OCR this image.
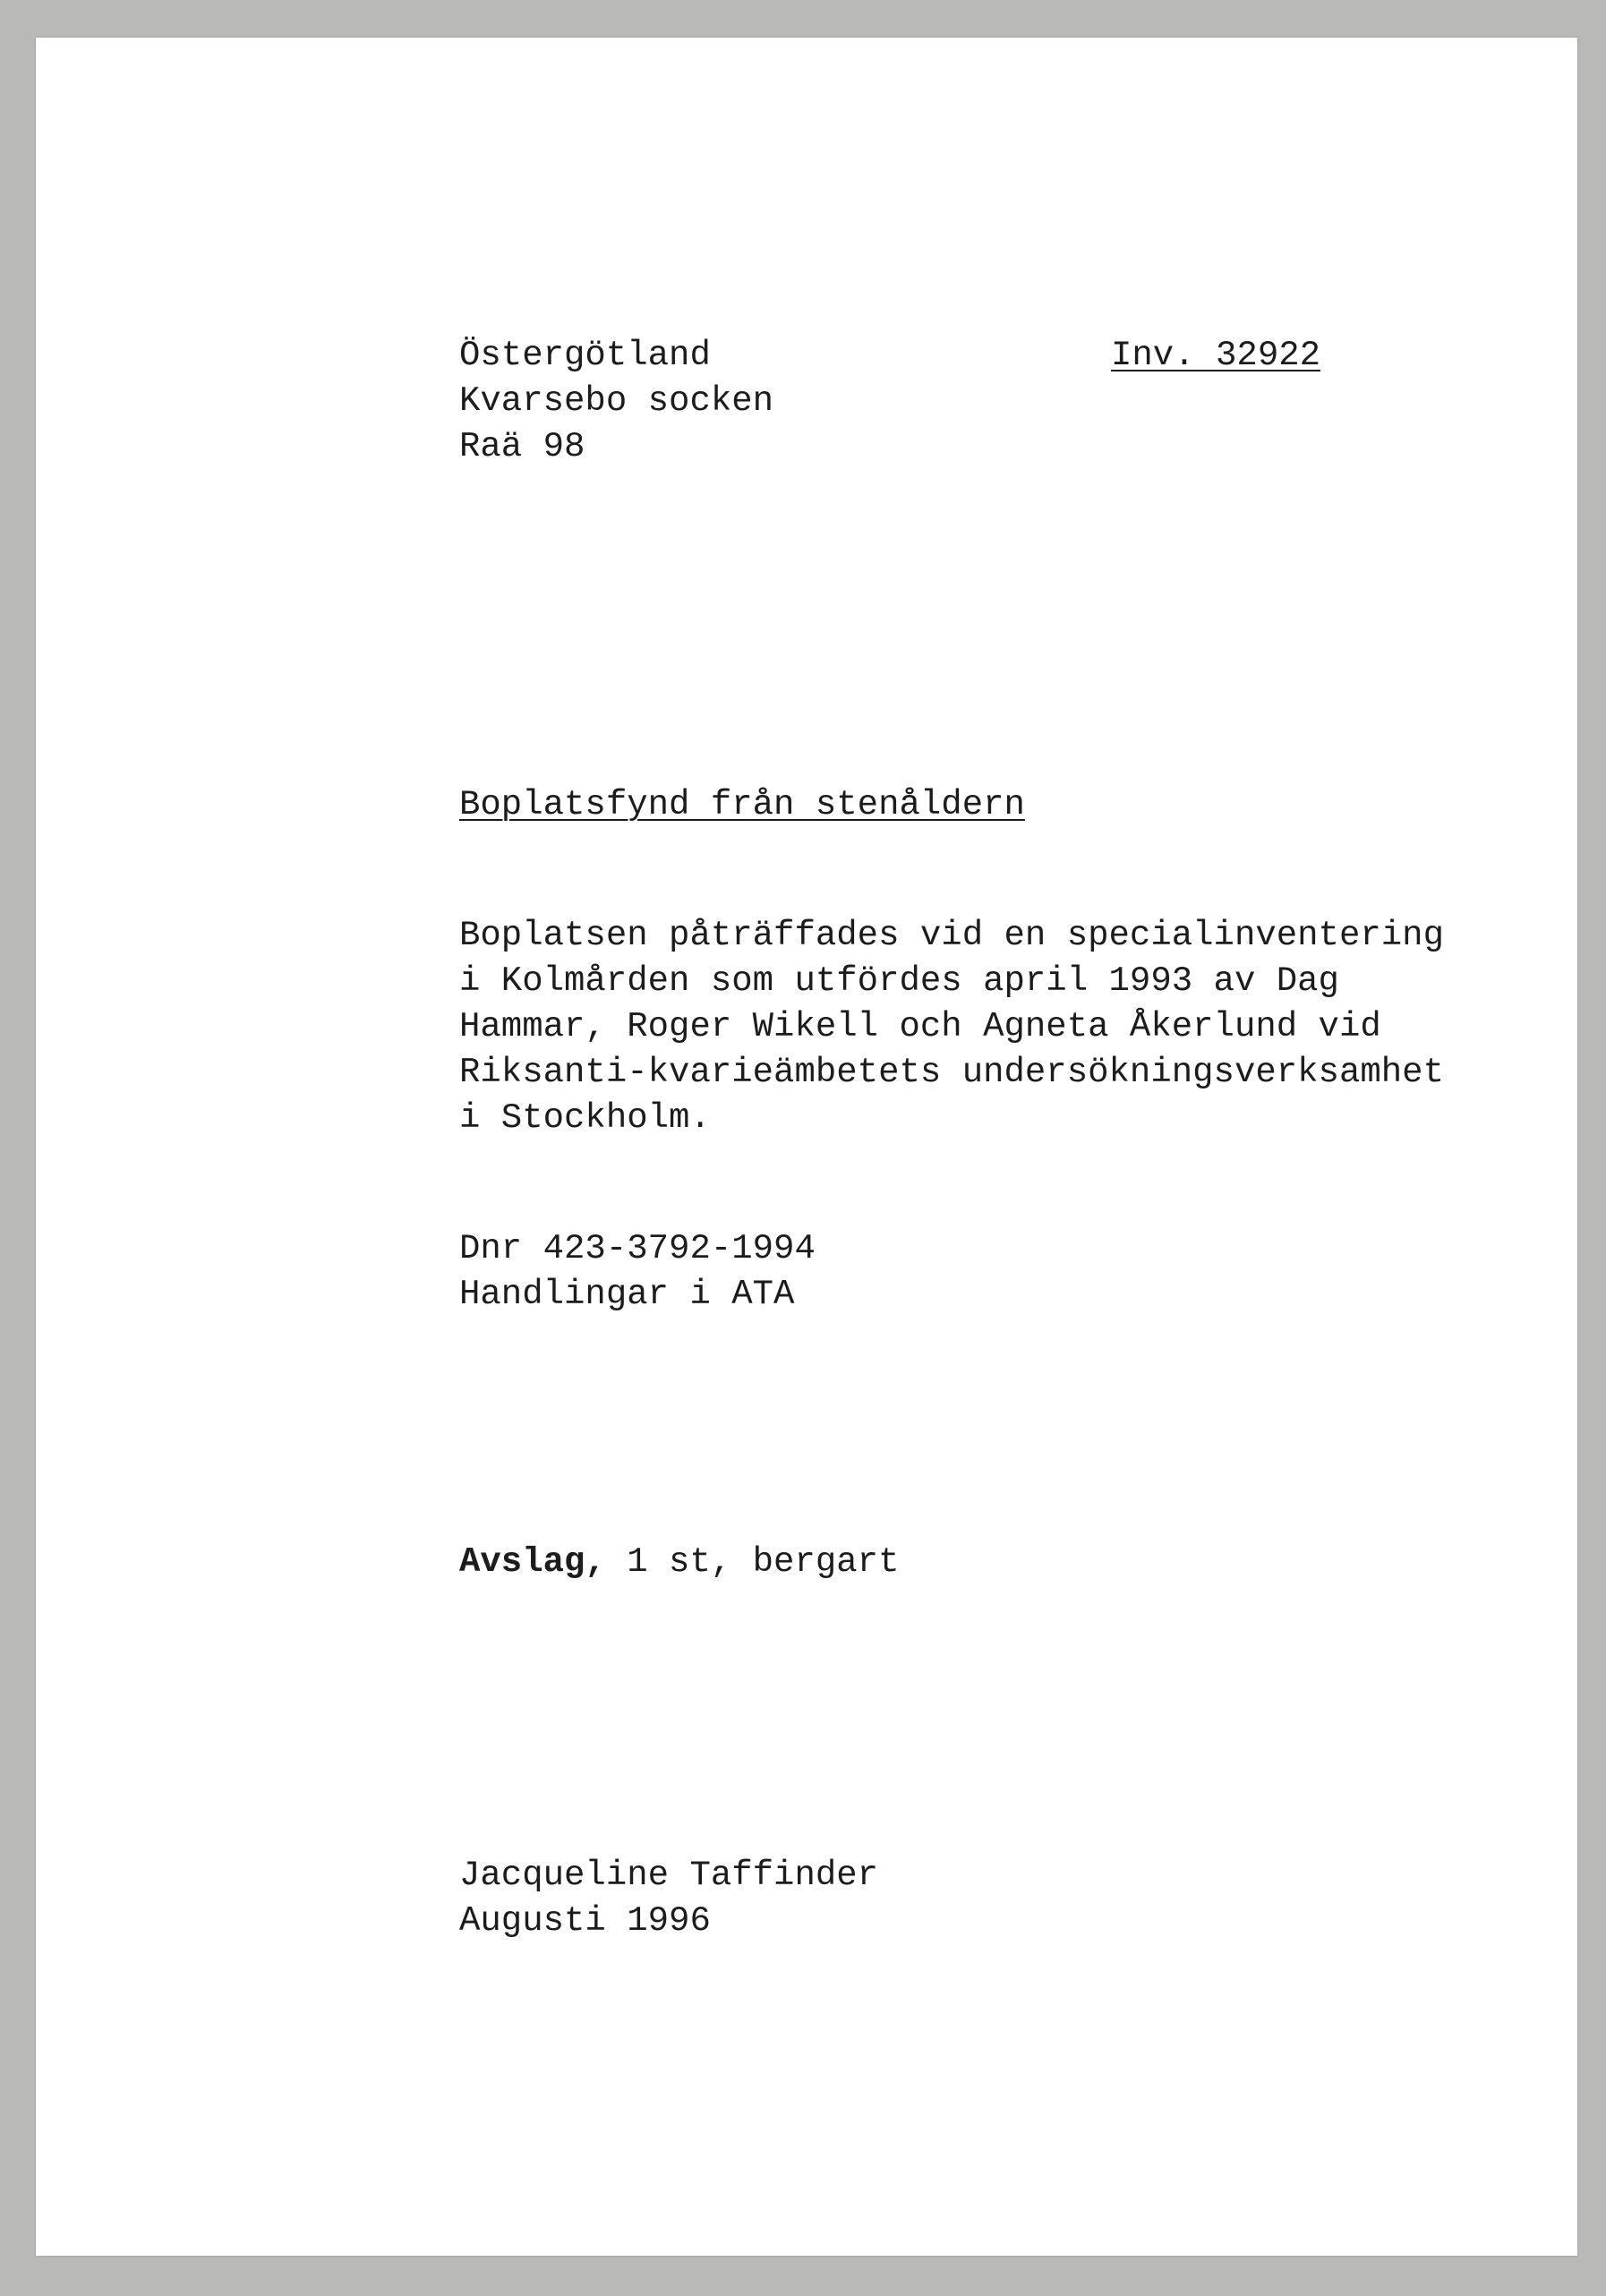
Östergötland

Kvarsebo socken

Raä 98

Inv. 32922

Boplatsfynd från stenåldern

Boplatsen påträffades vid en specialinventering

i Kolmården som utfördes april 1993 av Dag

Hammar, Roger Wikell och Agneta Åkerlund vid

Riksanti-kvarieämbetets undersökningsverksamhet

i Stockholm.

Dnr 423-3792-1994

Handlingar i ATA

Avslag, 1 st, bergart

Jacqueline Taffinder

Augusti 1996
